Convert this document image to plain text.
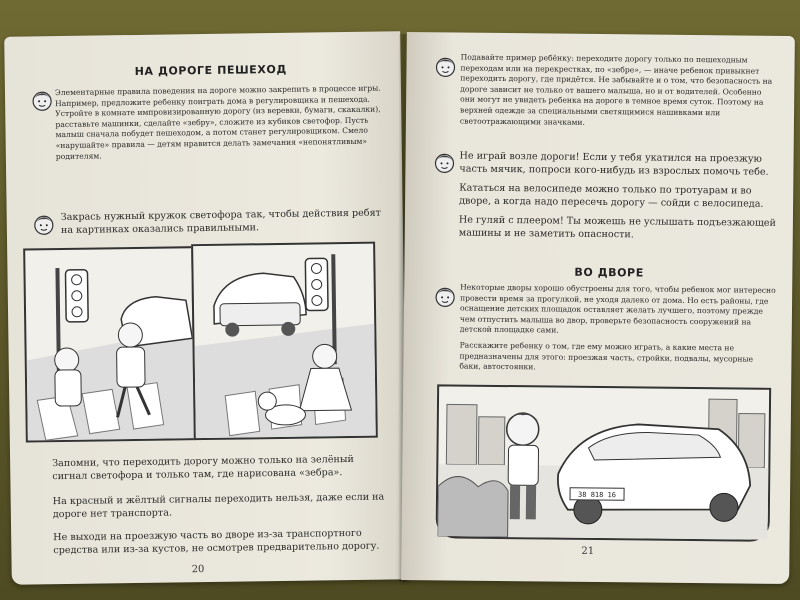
НА ДОРОГЕ ПЕШЕХОД
Элементарные правила поведения на дороге можно закрепить в процессе игры. Например, предложите ребенку поиграть дома в регулировщика и пешехода. Устройте в комнате импровизированную дорогу (из веревки, бумаги, скакалки), расставьте машинки, сделайте «зебру», сложите из кубиков светофор. Пусть малыш сначала побудет пешеходом, а потом станет регулировщиком. Смело «нарушайте» правила — детям нравится делать замечания «непонятливым» родителям.
Закрась нужный кружок светофора так, чтобы действия ребят на картинках оказались правильными.
Запомни, что переходить дорогу можно только на зелёный сигнал светофора и только там, где нарисована «зебра».
На красный и жёлтый сигналы переходить нельзя, даже если на дороге нет транспорта.
Не выходи на проезжую часть во дворе из-за транспортного средства или из-за кустов, не осмотрев предварительно дорогу.
20
Подавайте пример ребёнку: переходите дорогу только по пешеходным переходам или на перекрестках, по «зебре», — иначе ребенок привыкнет переходить дорогу, где придётся. Не забывайте и о том, что безопасность на дороге зависит не только от вашего малыша, но и от водителей. Особенно они могут не увидеть ребенка на дороге в темное время суток. Поэтому на верхней одежде за специальными светящимися нашивками или светоотражающими значками.
Не играй возле дороги! Если у тебя укатился на проезжую часть мячик, попроси кого-нибудь из взрослых помочь тебе.
Кататься на велосипеде можно только по тротуарам и во дворе, а когда надо пересечь дорогу — сойди с велосипеда.
Не гуляй с плеером! Ты можешь не услышать подъезжающей машины и не заметить опасности.
ВО ДВОРЕ
Некоторые дворы хорошо обустроены для того, чтобы ребенок мог интересно провести время за прогулкой, не уходя далеко от дома. Но есть районы, где оснащение детских площадок оставляет желать лучшего, поэтому прежде чем отпустить малыша во двор, проверьте безопасность сооружений на детской площадке сами.
Расскажите ребенку о том, где ему можно играть, а какие места не предназначены для этого: проезжая часть, стройки, подвалы, мусорные баки, автостоянки.
38 818 16
21
